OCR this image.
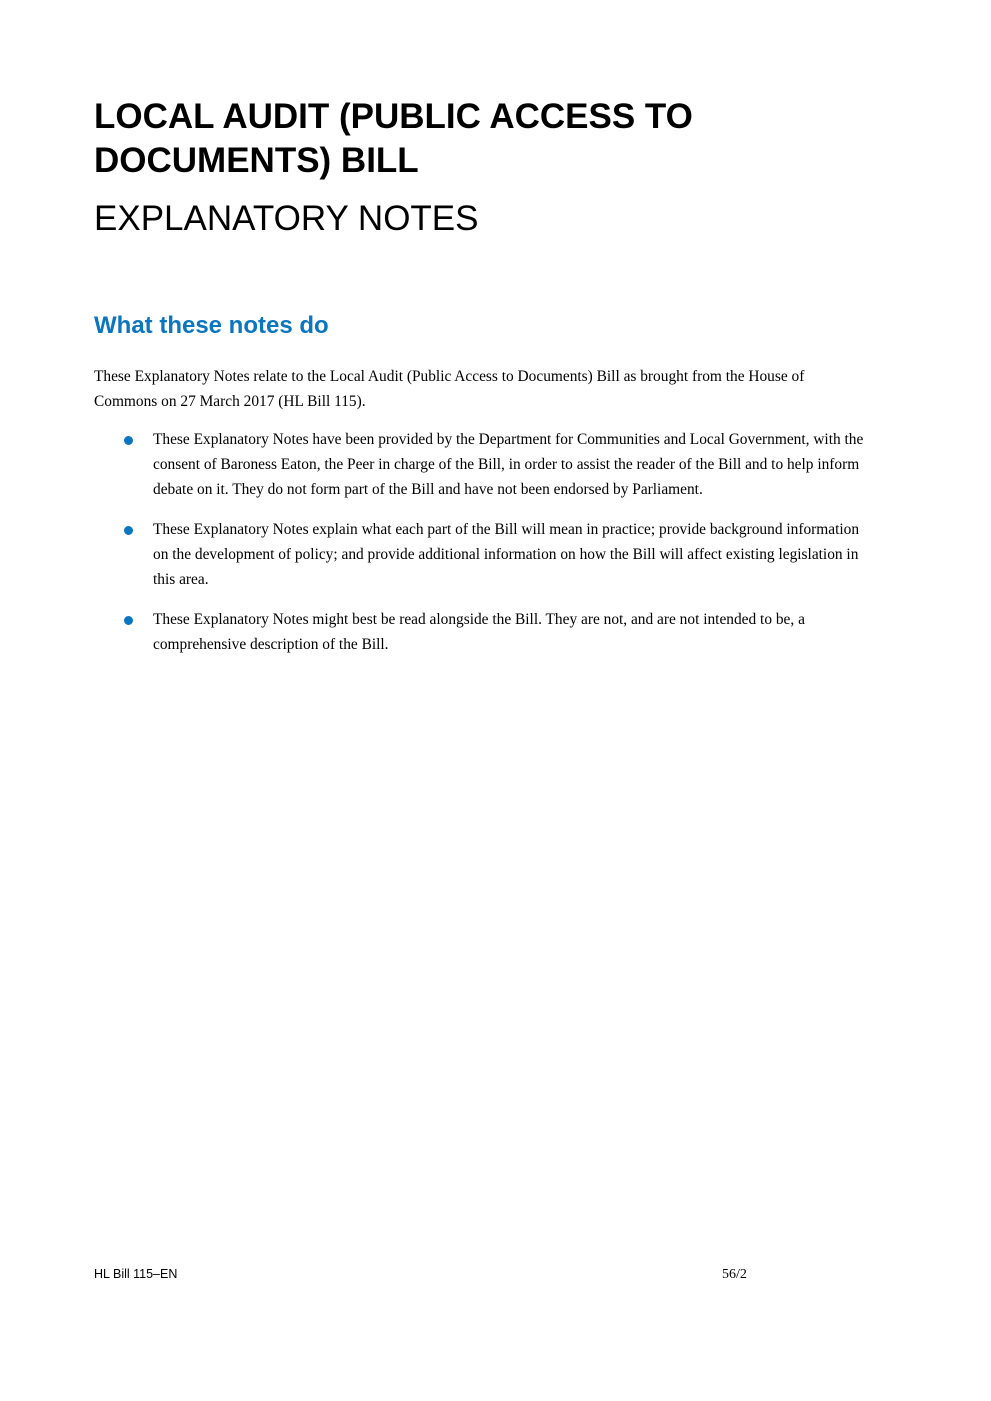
LOCAL AUDIT (PUBLIC ACCESS TO DOCUMENTS) BILL
EXPLANATORY NOTES
What these notes do

These Explanatory Notes relate to the Local Audit (Public Access to Documents) Bill as brought from the House of Commons on 27 March 2017 (HL Bill 115).

These Explanatory Notes have been provided by the Department for Communities and Local Government, with the consent of Baroness Eaton, the Peer in charge of the Bill, in order to assist the reader of the Bill and to help inform debate on it. They do not form part of the Bill and have not been endorsed by Parliament.
These Explanatory Notes explain what each part of the Bill will mean in practice; provide background information on the development of policy; and provide additional information on how the Bill will affect existing legislation in this area.
These Explanatory Notes might best be read alongside the Bill. They are not, and are not intended to be, a comprehensive description of the Bill.

HL Bill 115–EN	56/2
